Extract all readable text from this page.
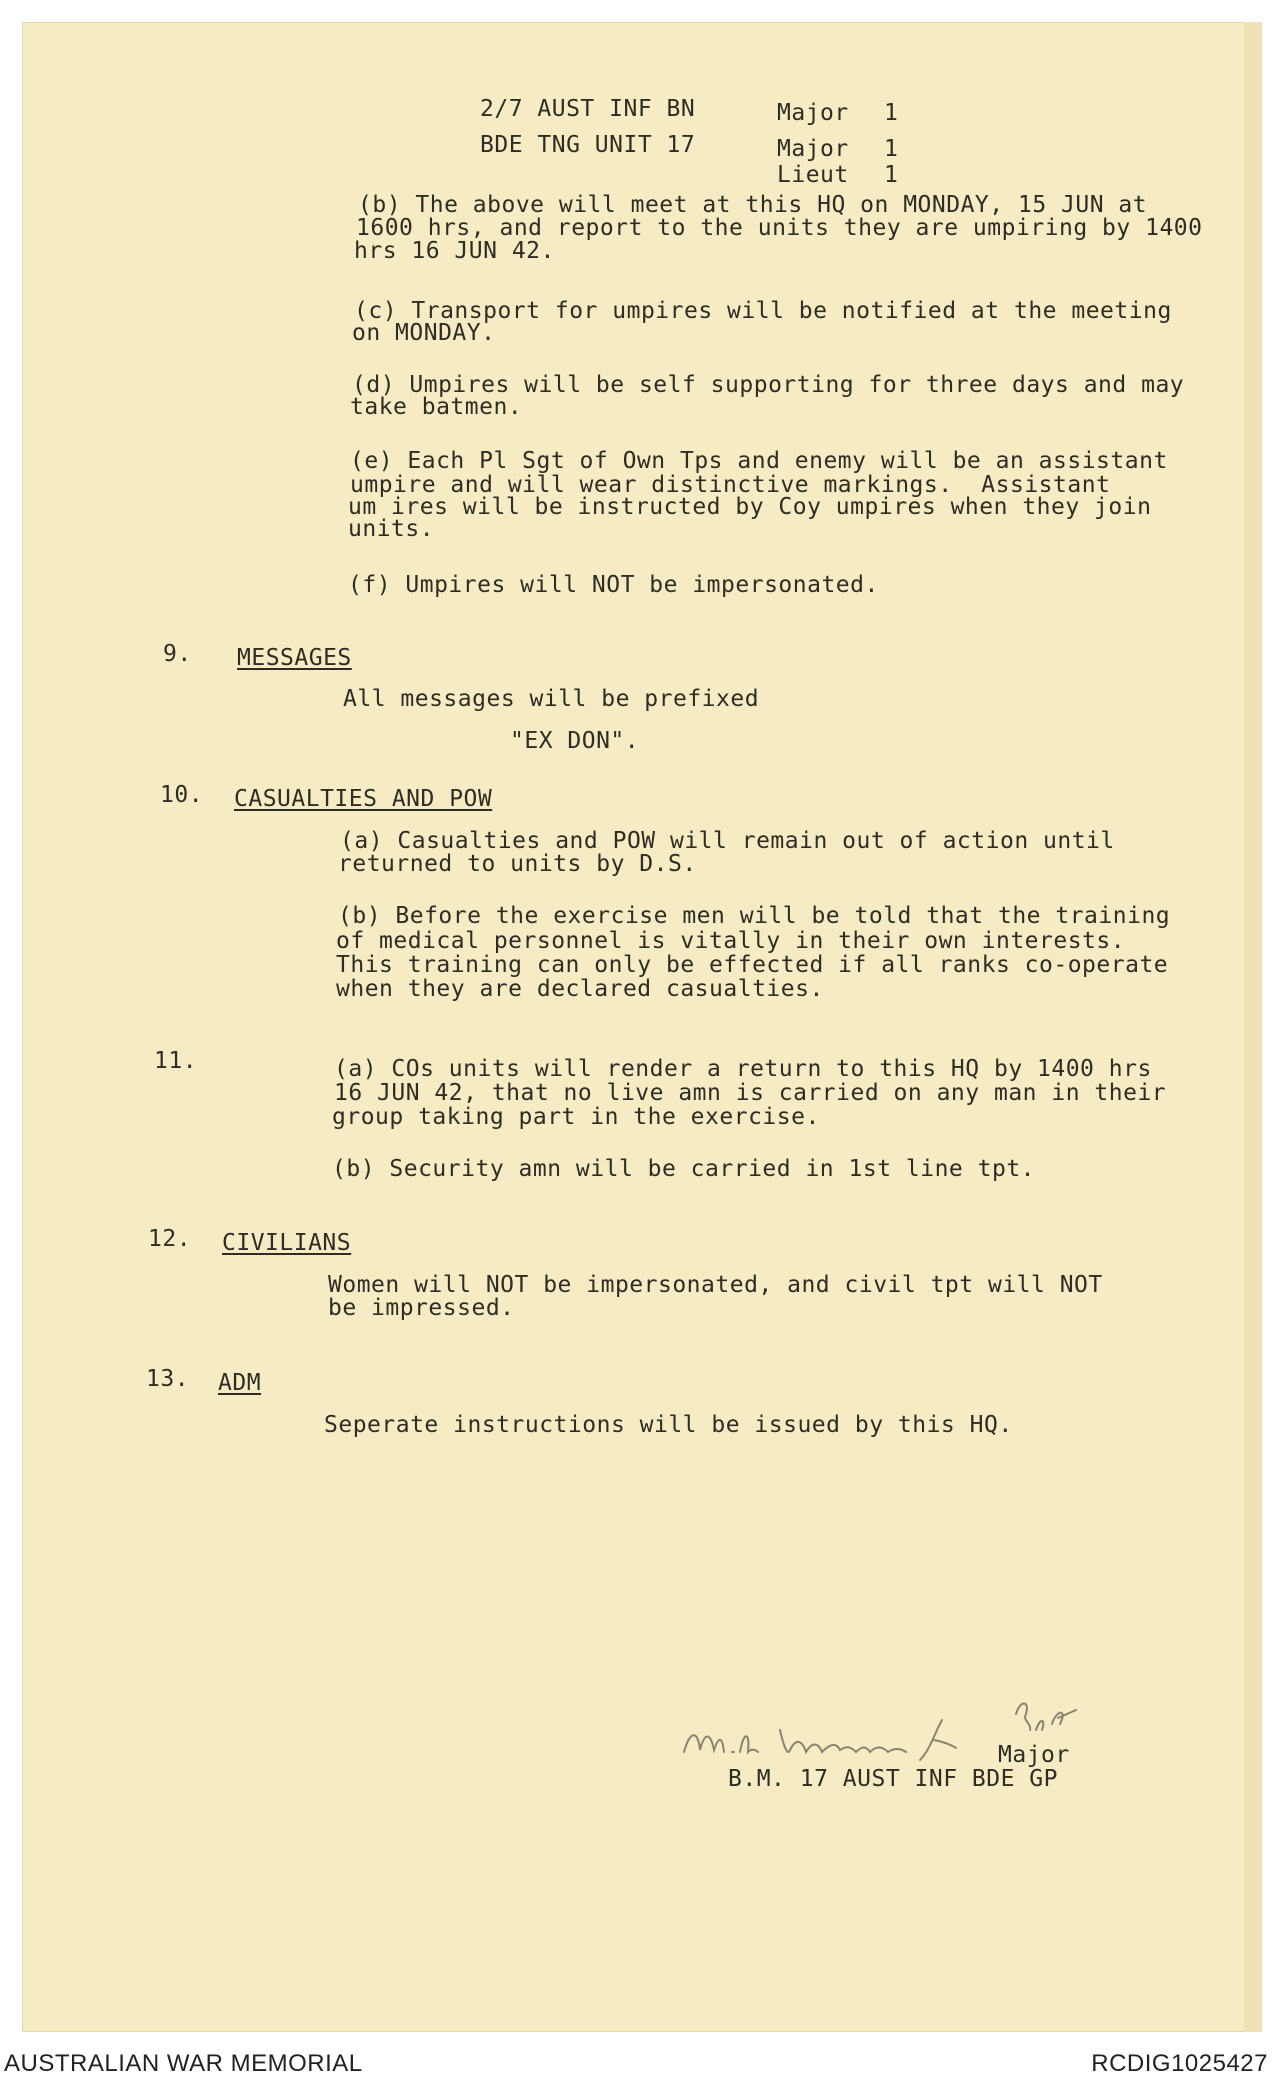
2/7 AUST INF BN	Major 1
BDE TNG UNIT 17	Major 1
Lieut 1
(b) The above will meet at this HQ on MONDAY, 15 JUN at
1600 hrs, and report to the units they are umpiring by 1400
hrs 16 JUN 42.
(c) Transport for umpires will be notified at the meeting
on MONDAY.
(d) Umpires will be self supporting for three days and may
take batmen.
(e) Each Pl Sgt of Own Tps and enemy will be an assistant
umpire and will wear distinctive markings.  Assistant
um ires will be instructed by Coy umpires when they join
units.
(f) Umpires will NOT be impersonated.
9. MESSAGES
All messages will be prefixed
"EX DON".
10. CASUALTIES AND POW
(a) Casualties and POW will remain out of action until
returned to units by D.S.
(b) Before the exercise men will be told that the training
of medical personnel is vitally in their own interests.
This training can only be effected if all ranks co-operate
when they are declared casualties.
11.	(a) COs units will render a return to this HQ by 1400 hrs
16 JUN 42, that no live amn is carried on any man in their
group taking part in the exercise.
(b) Security amn will be carried in 1st line tpt.
12. CIVILIANS
Women will NOT be impersonated, and civil tpt will NOT
be impressed.
13. ADM
Seperate instructions will be issued by this HQ.
Major
B.M. 17 AUST INF BDE GP
AUSTRALIAN WAR MEMORIAL	RCDIG1025427
